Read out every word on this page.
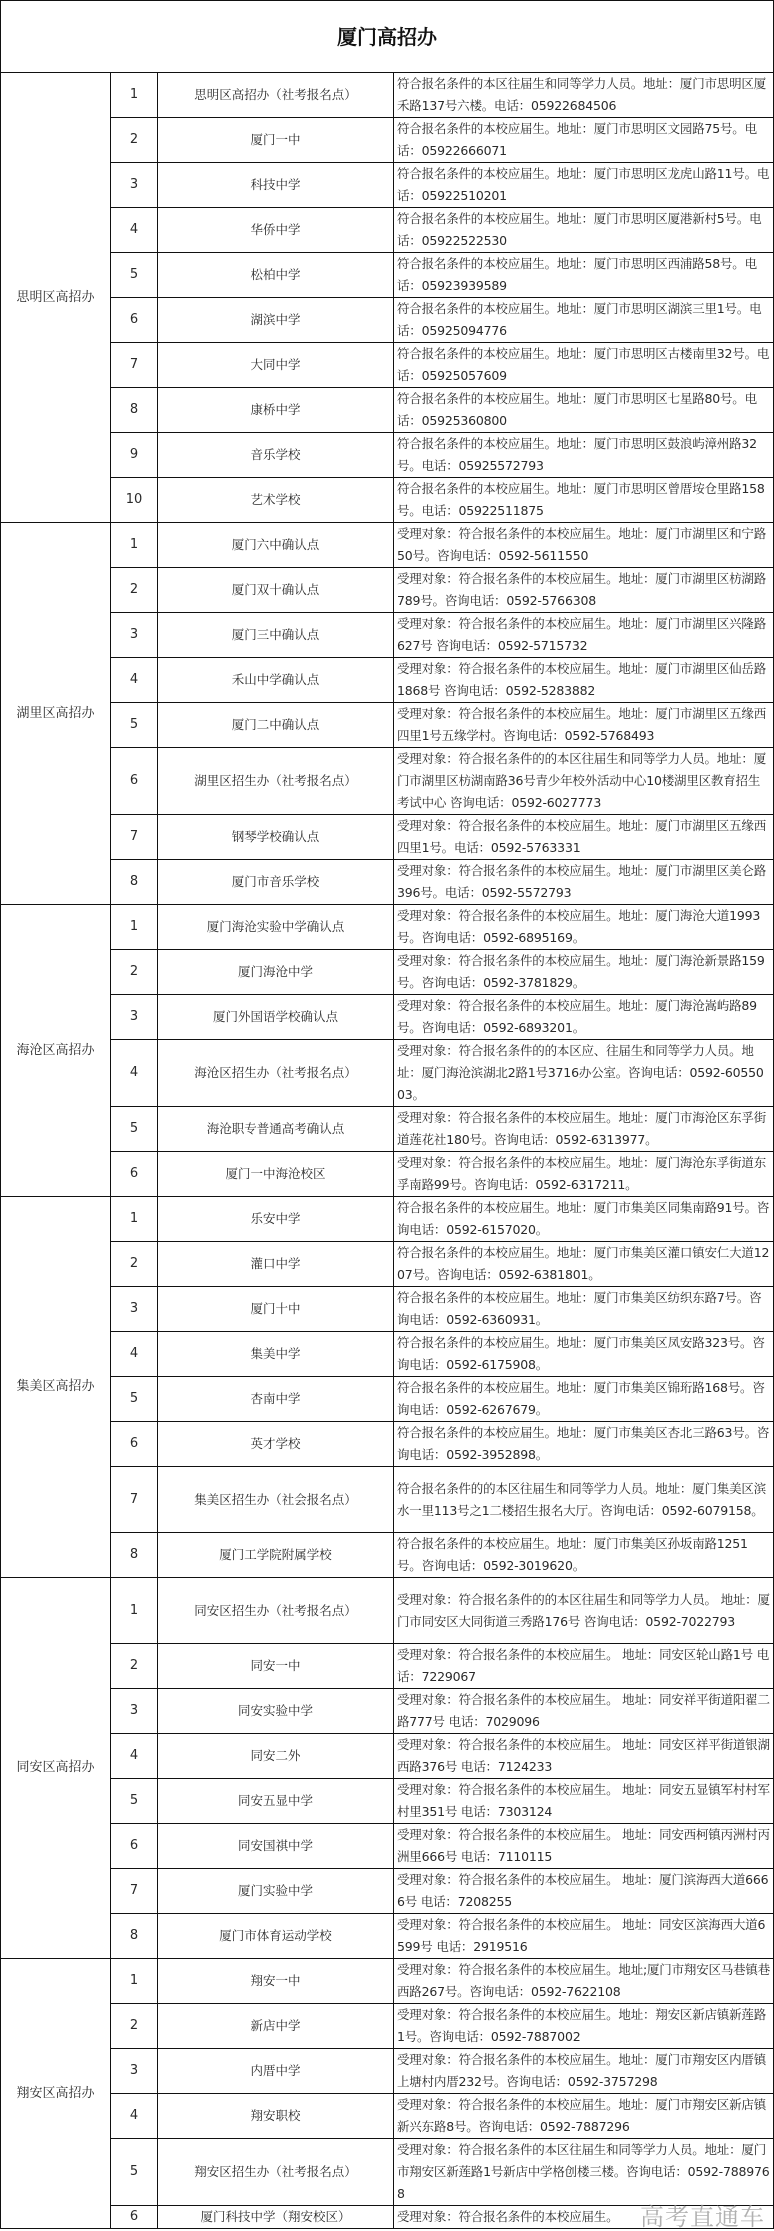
厦门高招办			
思明区高招办	1	思明区高招办（社考报名点）	符合报名条件的本区往届生和同等学力人员。地址：厦门市思明区厦禾路137号六楼。电话：05922684506
	2	厦门一中	符合报名条件的本校应届生。地址：厦门市思明区文园路75号。电话：05922666071
	3	科技中学	符合报名条件的本校应届生。地址：厦门市思明区龙虎山路11号。电话：05922510201
	4	华侨中学	符合报名条件的本校应届生。地址：厦门市思明区厦港新村5号。电话：05922522530
	5	松柏中学	符合报名条件的本校应届生。地址：厦门市思明区西浦路58号。电话：05923939589
	6	湖滨中学	符合报名条件的本校应届生。地址：厦门市思明区湖滨三里1号。电话：05925094776
	7	大同中学	符合报名条件的本校应届生。地址：厦门市思明区古楼南里32号。电话：05925057609
	8	康桥中学	符合报名条件的本校应届生。地址：厦门市思明区七星路80号。电话：05925360800
	9	音乐学校	符合报名条件的本校应届生。地址：厦门市思明区鼓浪屿漳州路32号。电话：05925572793
	10	艺术学校	符合报名条件的本校应届生。地址：厦门市思明区曾厝垵仓里路158号。电话：05922511875
湖里区高招办	1	厦门六中确认点	受理对象：符合报名条件的本校应届生。地址：厦门市湖里区和宁路50号。咨询电话：0592-5611550
	2	厦门双十确认点	受理对象：符合报名条件的本校应届生。地址：厦门市湖里区枋湖路789号。咨询电话：0592-5766308
	3	厦门三中确认点	受理对象：符合报名条件的本校应届生。地址：厦门市湖里区兴隆路627号 咨询电话：0592-5715732
	4	禾山中学确认点	受理对象：符合报名条件的本校应届生。地址：厦门市湖里区仙岳路1868号 咨询电话：0592-5283882
	5	厦门二中确认点	受理对象：符合报名条件的本校应届生。地址：厦门市湖里区五缘西四里1号五缘学村。咨询电话：0592-5768493
	6	湖里区招生办（社考报名点）	受理对象：符合报名条件的的本区往届生和同等学力人员。地址：厦门市湖里区枋湖南路36号青少年校外活动中心10楼湖里区教育招生考试中心 咨询电话：0592-6027773
	7	钢琴学校确认点	受理对象：符合报名条件的本校应届生。地址：厦门市湖里区五缘西四里1号。电话：0592-5763331
	8	厦门市音乐学校	受理对象：符合报名条件的本校应届生。地址：厦门市湖里区美仑路396号。电话：0592-5572793
海沧区高招办	1	厦门海沧实验中学确认点	受理对象：符合报名条件的本校应届生。地址：厦门海沧大道1993号。咨询电话：0592-6895169。
	2	厦门海沧中学	受理对象：符合报名条件的本校应届生。地址：厦门海沧新景路159号。咨询电话：0592-3781829。
	3	厦门外国语学校确认点	受理对象：符合报名条件的本校应届生。地址：厦门海沧嵩屿路89号。咨询电话：0592-6893201。
	4	海沧区招生办（社考报名点）	受理对象：符合报名条件的的本区应、往届生和同等学力人员。地址：厦门海沧滨湖北2路1号3716办公室。咨询电话：0592-6055003。
	5	海沧职专普通高考确认点	受理对象：符合报名条件的本校应届生。地址：厦门市海沧区东孚街道莲花社180号。咨询电话：0592-6313977。
	6	厦门一中海沧校区	受理对象：符合报名条件的本校应届生。地址：厦门海沧东孚街道东孚南路99号。咨询电话：0592-6317211。
集美区高招办	1	乐安中学	符合报名条件的本校应届生。地址：厦门市集美区同集南路91号。咨询电话：0592-6157020。
	2	灌口中学	符合报名条件的本校应届生。地址：厦门市集美区灌口镇安仁大道1207号。咨询电话：0592-6381801。
	3	厦门十中	符合报名条件的本校应届生。地址：厦门市集美区纺织东路7号。咨询电话：0592-6360931。
	4	集美中学	符合报名条件的本校应届生。地址：厦门市集美区凤安路323号。咨询电话：0592-6175908。
	5	杏南中学	符合报名条件的本校应届生。地址：厦门市集美区锦珩路168号。咨询电话：0592-6267679。
	6	英才学校	符合报名条件的本校应届生。地址：厦门市集美区杏北三路63号。咨询电话：0592-3952898。
	7	集美区招生办（社会报名点）	符合报名条件的的本区往届生和同等学力人员。地址：厦门集美区滨水一里113号之1二楼招生报名大厅。咨询电话：0592-6079158。
	8	厦门工学院附属学校	符合报名条件的本校应届生。地址：厦门市集美区孙坂南路1251号。咨询电话：0592-3019620。
同安区高招办	1	同安区招生办（社考报名点）	受理对象：符合报名条件的的本区往届生和同等学力人员。 地址：厦门市同安区大同街道三秀路176号 咨询电话：0592-7022793
	2	同安一中	受理对象：符合报名条件的本校应届生。 地址：同安区轮山路1号 电话：7229067
	3	同安实验中学	受理对象：符合报名条件的本校应届生。 地址：同安祥平街道阳翟二路777号 电话：7029096
	4	同安二外	受理对象：符合报名条件的本校应届生。 地址：同安区祥平街道银湖西路376号 电话：7124233
	5	同安五显中学	受理对象：符合报名条件的本校应届生。 地址：同安五显镇军村村军村里351号 电话：7303124
	6	同安国祺中学	受理对象：符合报名条件的本校应届生。 地址：同安西柯镇丙洲村丙洲里666号 电话：7110115
	7	厦门实验中学	受理对象：符合报名条件的本校应届生。 地址：厦门滨海西大道6666号 电话：7208255
	8	厦门市体育运动学校	受理对象：符合报名条件的本校应届生。 地址：同安区滨海西大道6599号 电话：2919516
翔安区高招办	1	翔安一中	受理对象：符合报名条件的本校应届生。地址;厦门市翔安区马巷镇巷西路267号。咨询电话：0592-7622108
	2	新店中学	受理对象：符合报名条件的本校应届生。地址：翔安区新店镇新莲路1号。咨询电话：0592-7887002
	3	内厝中学	受理对象：符合报名条件的本校应届生。地址：厦门市翔安区内厝镇上塘村内厝232号。咨询电话：0592-3757298
	4	翔安职校	受理对象：符合报名条件的本校应届生。地址：厦门市翔安区新店镇新兴东路8号。咨询电话：0592-7887296
	5	翔安区招生办（社考报名点）	受理对象：符合报名条件的本区往届生和同等学力人员。地址：厦门市翔安区新莲路1号新店中学格创楼三楼。咨询电话：0592-7889768
	6	厦门科技中学（翔安校区）	受理对象：符合报名条件的本校应届生。 高考直通车
